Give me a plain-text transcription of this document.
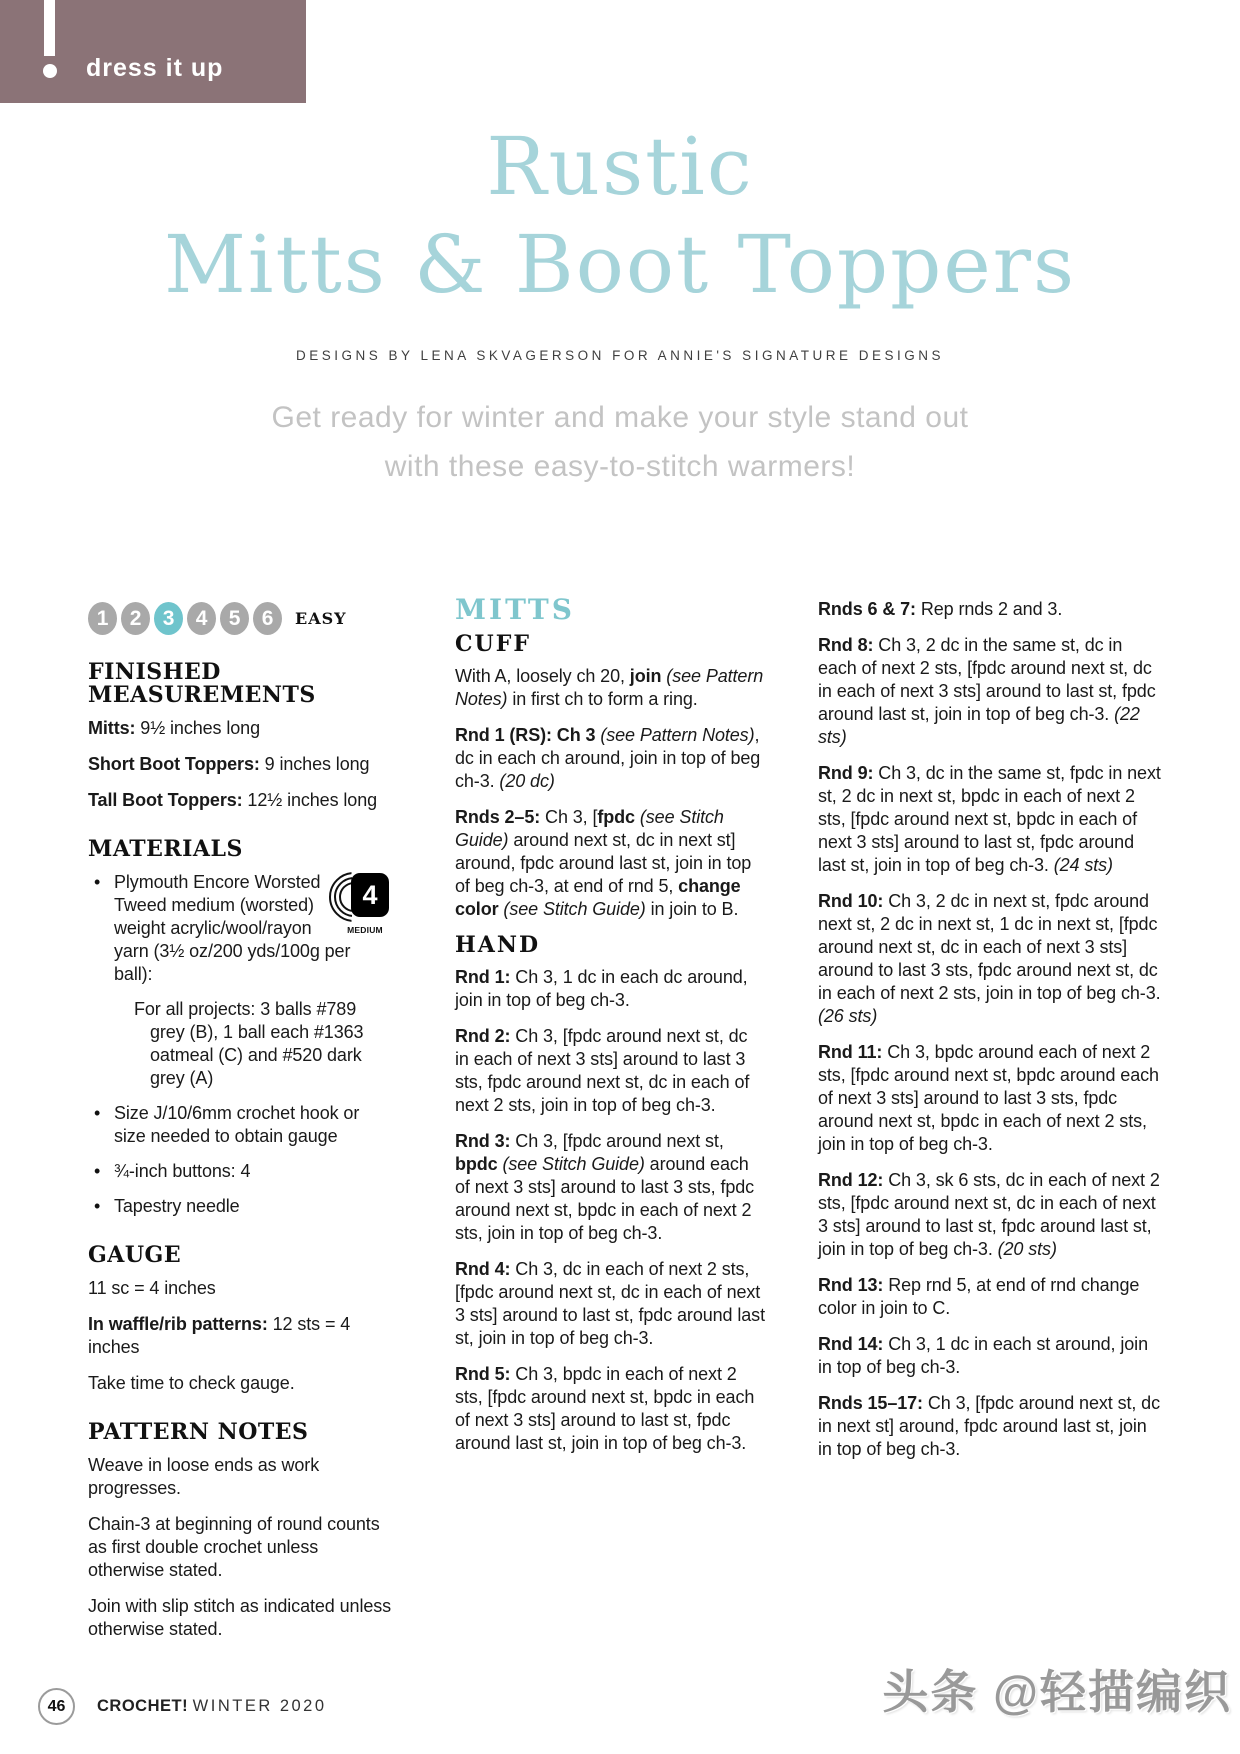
dress it up
Rustic
Mitts & Boot Toppers
DESIGNS BY LENA SKVAGERSON FOR ANNIE'S SIGNATURE DESIGNS
Get ready for winter and make your style stand out
with these easy-to-stitch warmers!
1 2 3 4 5 6	EASY
FINISHED MEASUREMENTS

Mitts: 9½ inches long

Short Boot Toppers: 9 inches long

Tall Boot Toppers: 12½ inches long

MATERIALS
• 4
MEDIUM
Plymouth Encore Worsted Tweed medium (worsted) weight acrylic/wool/rayon yarn (3½ oz/200 yds/100g per ball):
For all projects: 3 balls #789 grey (B), 1 ball each #1363 oatmeal (C) and #520 dark grey (A)
• Size J/10/6mm crochet hook or size needed to obtain gauge
• ¾-inch buttons: 4
• Tapestry needle
GAUGE

11 sc = 4 inches

In waffle/rib patterns: 12 sts = 4 inches

Take time to check gauge.

PATTERN NOTES

Weave in loose ends as work progresses.

Chain-3 at beginning of round counts as first double crochet unless otherwise stated.

Join with slip stitch as indicated unless otherwise stated.

MITTS
CUFF

With A, loosely ch 20, join (see Pattern Notes) in first ch to form a ring.

Rnd 1 (RS): Ch 3 (see Pattern Notes), dc in each ch around, join in top of beg ch-3. (20 dc)

Rnds 2–5: Ch 3, [fpdc (see Stitch Guide) around next st, dc in next st] around, fpdc around last st, join in top of beg ch-3, at end of rnd 5, change color (see Stitch Guide) in join to B.

HAND

Rnd 1: Ch 3, 1 dc in each dc around, join in top of beg ch-3.

Rnd 2: Ch 3, [fpdc around next st, dc in each of next 3 sts] around to last 3 sts, fpdc around next st, dc in each of next 2 sts, join in top of beg ch-3.

Rnd 3: Ch 3, [fpdc around next st, bpdc (see Stitch Guide) around each of next 3 sts] around to last 3 sts, fpdc around next st, bpdc in each of next 2 sts, join in top of beg ch-3.

Rnd 4: Ch 3, dc in each of next 2 sts, [fpdc around next st, dc in each of next 3 sts] around to last st, fpdc around last st, join in top of beg ch-3.

Rnd 5: Ch 3, bpdc in each of next 2 sts, [fpdc around next st, bpdc in each of next 3 sts] around to last st, fpdc around last st, join in top of beg ch-3.

Rnds 6 & 7: Rep rnds 2 and 3.

Rnd 8: Ch 3, 2 dc in the same st, dc in each of next 2 sts, [fpdc around next st, dc in each of next 3 sts] around to last st, fpdc around last st, join in top of beg ch-3. (22 sts)

Rnd 9: Ch 3, dc in the same st, fpdc in next st, 2 dc in next st, bpdc in each of next 2 sts, [fpdc around next st, bpdc in each of next 3 sts] around to last st, fpdc around last st, join in top of beg ch-3. (24 sts)

Rnd 10: Ch 3, 2 dc in next st, fpdc around next st, 2 dc in next st, 1 dc in next st, [fpdc around next st, dc in each of next 3 sts] around to last 3 sts, fpdc around next st, dc in each of next 2 sts, join in top of beg ch-3. (26 sts)

Rnd 11: Ch 3, bpdc around each of next 2 sts, [fpdc around next st, bpdc around each of next 3 sts] around to last 3 sts, fpdc around next st, bpdc in each of next 2 sts, join in top of beg ch-3.

Rnd 12: Ch 3, sk 6 sts, dc in each of next 2 sts, [fpdc around next st, dc in each of next 3 sts] around to last st, fpdc around last st, join in top of beg ch-3. (20 sts)

Rnd 13: Rep rnd 5, at end of rnd change color in join to C.

Rnd 14: Ch 3, 1 dc in each st around, join in top of beg ch-3.

Rnds 15–17: Ch 3, [fpdc around next st, dc in next st] around, fpdc around last st, join in top of beg ch-3.

46	CROCHET! WINTER 2020	头条 @轻描编织
